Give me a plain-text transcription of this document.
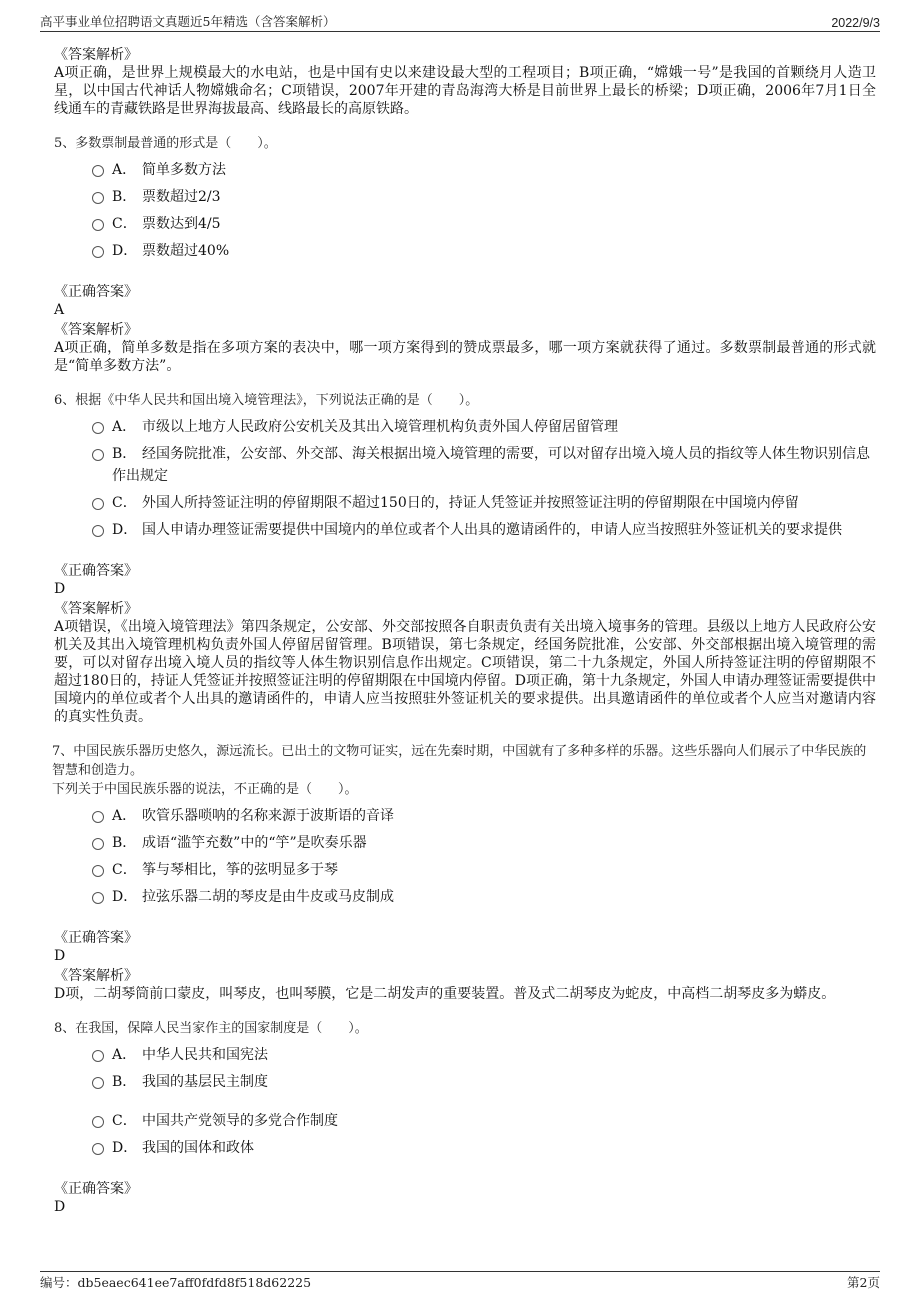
高平事业单位招聘语文真题近5年精选（含答案解析）	2022/9/3
《答案解析》
A项正确，是世界上规模最大的水电站，也是中国有史以来建设最大型的工程项目；B项正确，“嫦娥一号”是我国的首颗绕月人造卫星，以中国古代神话人物嫦娥命名；C项错误，2007年开建的青岛海湾大桥是目前世界上最长的桥梁；D项正确，2006年7月1日全线通车的青藏铁路是世界海拔最高、线路最长的高原铁路。
5、多数票制最普通的形式是（　　）。
A． 简单多数方法
B． 票数超过2/3
C． 票数达到4/5
D． 票数超过40%
《正确答案》
A
《答案解析》
A项正确，简单多数是指在多项方案的表决中，哪一项方案得到的赞成票最多，哪一项方案就获得了通过。多数票制最普通的形式就是“简单多数方法”。
6、根据《中华人民共和国出境入境管理法》，下列说法正确的是（　　）。
A． 市级以上地方人民政府公安机关及其出入境管理机构负责外国人停留居留管理
B． 经国务院批准，公安部、外交部、海关根据出境入境管理的需要，可以对留存出境入境人员的指纹等人体生物识别信息作出规定
C． 外国人所持签证注明的停留期限不超过150日的，持证人凭签证并按照签证注明的停留期限在中国境内停留
D． 国人申请办理签证需要提供中国境内的单位或者个人出具的邀请函件的，申请人应当按照驻外签证机关的要求提供
《正确答案》
D
《答案解析》
A项错误，《出境入境管理法》第四条规定，公安部、外交部按照各自职责负责有关出境入境事务的管理。县级以上地方人民政府公安机关及其出入境管理机构负责外国人停留居留管理。B项错误，第七条规定，经国务院批准，公安部、外交部根据出境入境管理的需要，可以对留存出境入境人员的指纹等人体生物识别信息作出规定。C项错误，第二十九条规定，外国人所持签证注明的停留期限不超过180日的，持证人凭签证并按照签证注明的停留期限在中国境内停留。D项正确，第十九条规定，外国人申请办理签证需要提供中国境内的单位或者个人出具的邀请函件的，申请人应当按照驻外签证机关的要求提供。出具邀请函件的单位或者个人应当对邀请内容的真实性负责。
7、中国民族乐器历史悠久，源远流长。已出土的文物可证实，远在先秦时期，中国就有了多种多样的乐器。这些乐器向人们展示了中华民族的智慧和创造力。
下列关于中国民族乐器的说法，不正确的是（　　）。
A． 吹管乐器唢呐的名称来源于波斯语的音译
B． 成语“滥竽充数”中的“竽”是吹奏乐器
C． 筝与琴相比，筝的弦明显多于琴
D． 拉弦乐器二胡的琴皮是由牛皮或马皮制成
《正确答案》
D
《答案解析》
D项，二胡琴筒前口蒙皮，叫琴皮，也叫琴膜，它是二胡发声的重要装置。普及式二胡琴皮为蛇皮，中高档二胡琴皮多为蟒皮。
8、在我国，保障人民当家作主的国家制度是（　　）。
A． 中华人民共和国宪法
B． 我国的基层民主制度
C． 中国共产党领导的多党合作制度
D． 我国的国体和政体
《正确答案》
D
编号：db5eaec641ee7aff0fdfd8f518d62225	第2页
